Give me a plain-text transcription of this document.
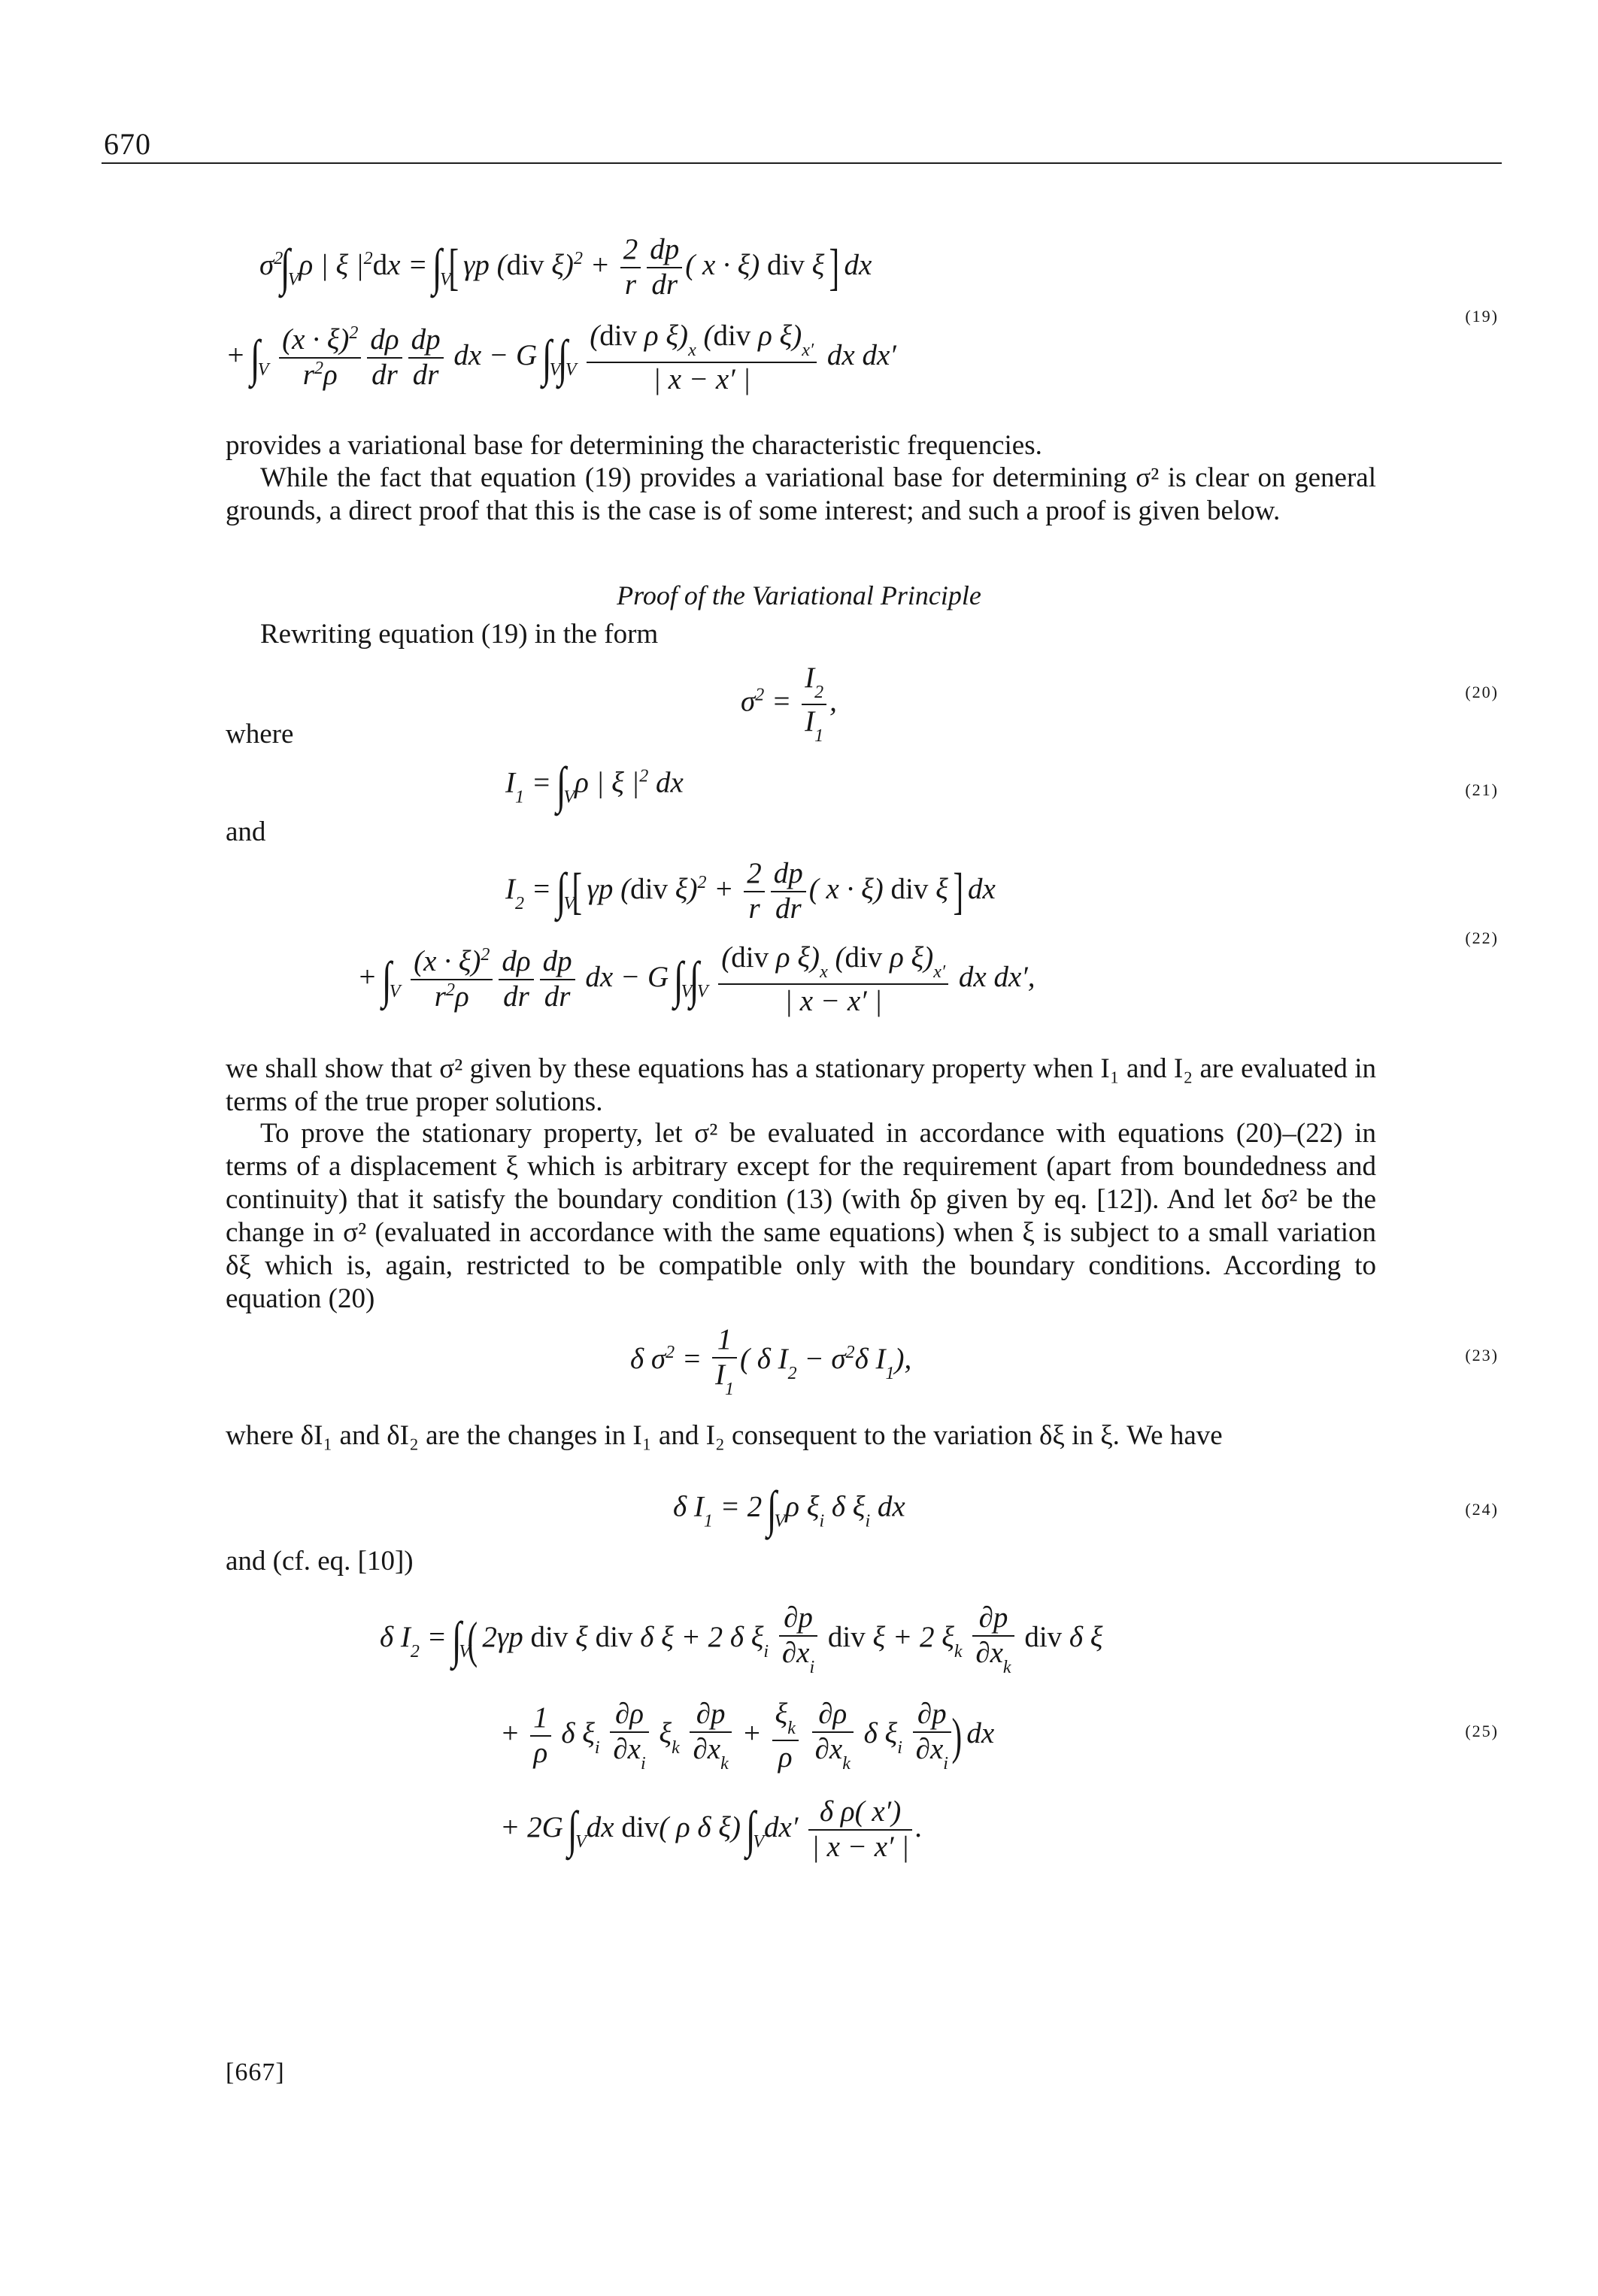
670
$\sigma^2\int_V\rho$ | ξ $|^2dx = \int_V$[ γp (div $\xi)^2 + \frac{2}{r} \frac{dp}{dr}$ ( x · ξ) div ξ ] dx
+ $\int_V \frac{(x \cdot \xi)^2}{r^2\rho} \frac{d\rho}{dr} \frac{dp}{dr}$ dx − G $\int_V\int_V \frac{(div \rho \xi)_x (div \rho \xi)_{x'}}{| x - x' |}$ dx dx′
(19)
provides a variational base for determining the characteristic frequencies.
While the fact that equation (19) provides a variational base for determining σ² is clear on general grounds, a direct proof that this is the case is of some interest; and such a proof is given below.
Proof of the Variational Principle
Rewriting equation (19) in the form
$\sigma^2 = \frac{I_2}{I_1}$ ,	(20)
where
$I_1 = \int_V\rho$ | ξ $|^2$ dx	(21)
and
$I_2 = \int_V$[ γp (div $\xi)^2 + \frac{2}{r} \frac{dp}{dr}$ ( x · ξ) div ξ ] dx
+ $\int_V \frac{(x \cdot \xi)^2}{r^2\rho} \frac{d\rho}{dr} \frac{dp}{dr}$ dx − G $\int_V\int_V \frac{(div \rho \xi)_x (div \rho \xi)_{x'}}{| x - x' |}$ dx dx′,
(22)
we shall show that σ² given by these equations has a stationary property when I₁ and I₂ are evaluated in terms of the true proper solutions.
To prove the stationary property, let σ² be evaluated in accordance with equations (20)–(22) in terms of a displacement ξ which is arbitrary except for the requirement (apart from boundedness and continuity) that it satisfy the boundary condition (13) (with δp given by eq. [12]). And let δσ² be the change in σ² (evaluated in accordance with the same equations) when ξ is subject to a small variation δξ which is, again, restricted to be compatible only with the boundary conditions. According to equation (20)
δ $\sigma^2 = \frac{1}{I_1}$ ( δ $I_2 - \sigma^2\delta$ $I_1$),	(23)
where δI₁ and δI₂ are the changes in I₁ and I₂ consequent to the variation δξ in ξ. We have
δ $I_1 = 2$ $\int_V\rho$ $\xi_i$ δ $\xi_i$ dx	(24)
and (cf. eq. [10])
δ $I_2 = \int_V$( 2γp div ξ div δ ξ + 2 δ $\xi_i \frac{\partial p}{\partial x_i}$ div ξ + 2 $\xi_k \frac{\partial p}{\partial x_k}$ div δ ξ
+ $\frac{1}{\rho}$ δ $\xi_i \frac{\partial\rho}{\partial x_i} \xi_k \frac{\partial p}{\partial x_k} + \frac{\xi_k}{\rho}$
$\frac{\partial\rho}{\partial x_k}$ δ $\xi_i \frac{\partial p}{\partial x_i}$ ) dx	(25)
+ 2G $\int_Vdx$ div( ρ δ ξ) $\int_Vdx' \frac{\text{δ ρ( x′)}}{| x - x' |}$ .
[667]
